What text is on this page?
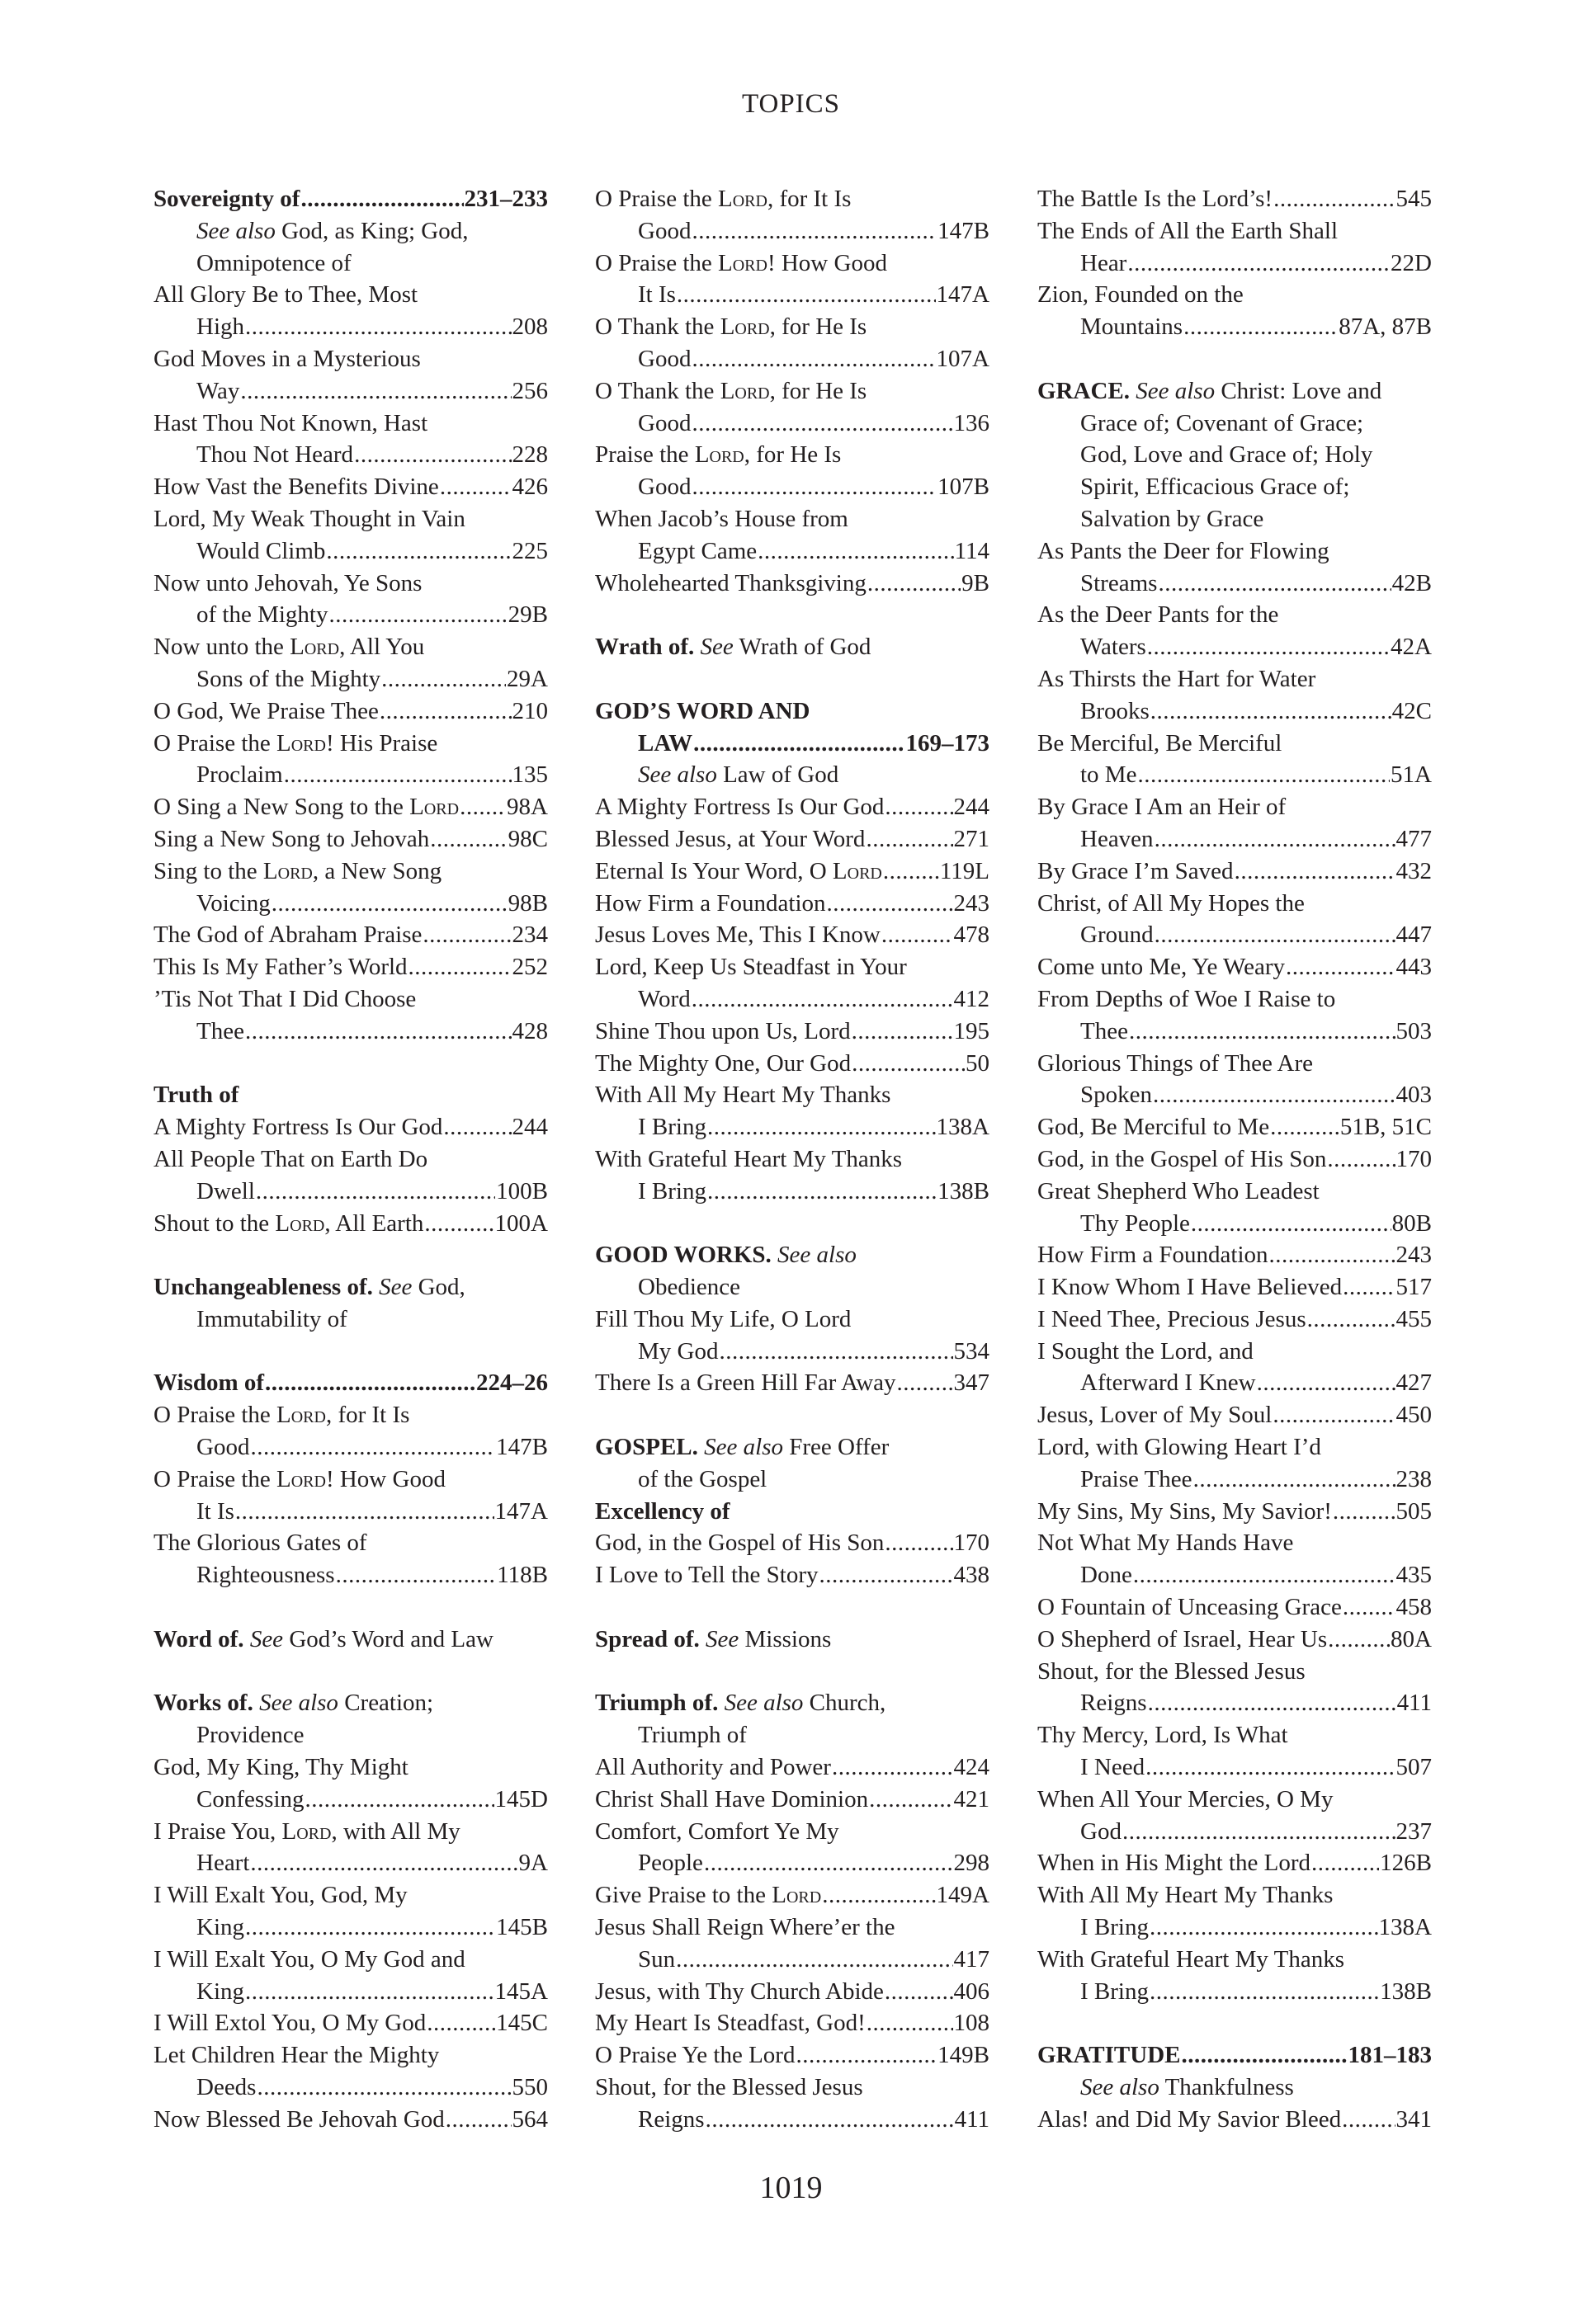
TOPICS
Sovereignty of .....	231–233
See also God, as King; God,
Omnipotence of
All Glory Be to Thee, Most
High .....	208
God Moves in a Mysterious
Way .....	256
Hast Thou Not Known, Hast
Thou Not Heard .....	228
How Vast the Benefits Divine .....	426
Lord, My Weak Thought in Vain
Would Climb .....	225
Now unto Jehovah, Ye Sons
of the Mighty .....	29B
Now unto the Lord, All You
Sons of the Mighty .....	29A
O God, We Praise Thee .....	210
O Praise the Lord! His Praise
Proclaim .....	135
O Sing a New Song to the Lord ..... 98A
Sing a New Song to Jehovah .....	98C
Sing to the Lord, a New Song
Voicing .....	98B
The God of Abraham Praise .....	234
This Is My Father’s World .....	252
’Tis Not That I Did Choose
Thee .....	428
Truth of
A Mighty Fortress Is Our God .....	244
All People That on Earth Do
Dwell .....	100B
Shout to the Lord, All Earth .....	100A
Unchangeableness of. See God,
Immutability of
Wisdom of .....	224–26
O Praise the Lord, for It Is
Good .....	147B
O Praise the Lord! How Good
It Is .....	147A
The Glorious Gates of
Righteousness .....	118B
Word of. See God’s Word and Law
Works of. See also Creation;
Providence
God, My King, Thy Might
Confessing .....	145D
I Praise You, Lord, with All My
Heart .....	9A
I Will Exalt You, God, My
King .....	145B
I Will Exalt You, O My God and
King .....	145A
I Will Extol You, O My God .....	145C
Let Children Hear the Mighty
Deeds .....	550
Now Blessed Be Jehovah God .....	564
O Praise the Lord, for It Is
Good .....	147B
O Praise the Lord! How Good
It Is .....	147A
O Thank the Lord, for He Is
Good .....	107A
O Thank the Lord, for He Is
Good .....	136
Praise the Lord, for He Is
Good .....	107B
When Jacob’s House from
Egypt Came .....	114
Wholehearted Thanksgiving .....	9B
Wrath of. See Wrath of God
GOD’S WORD AND
LAW .....	169–173
See also Law of God
A Mighty Fortress Is Our God .....	244
Blessed Jesus, at Your Word .....	271
Eternal Is Your Word, O Lord ..... 119L
How Firm a Foundation .....	243
Jesus Loves Me, This I Know .....	478
Lord, Keep Us Steadfast in Your
Word .....	412
Shine Thou upon Us, Lord .....	195
The Mighty One, Our God .....	50
With All My Heart My Thanks
I Bring .....	138A
With Grateful Heart My Thanks
I Bring .....	138B
GOOD WORKS. See also
Obedience
Fill Thou My Life, O Lord
My God .....	534
There Is a Green Hill Far Away ..... 347
GOSPEL. See also Free Offer
of the Gospel
Excellency of
God, in the Gospel of His Son .....	170
I Love to Tell the Story .....	438
Spread of. See Missions
Triumph of. See also Church,
Triumph of
All Authority and Power .....	424
Christ Shall Have Dominion .....	421
Comfort, Comfort Ye My
People .....	298
Give Praise to the Lord .....	149A
Jesus Shall Reign Where’er the
Sun .....	417
Jesus, with Thy Church Abide .....	406
My Heart Is Steadfast, God! .....	108
O Praise Ye the Lord .....	149B
Shout, for the Blessed Jesus
Reigns .....	411
The Battle Is the Lord’s! .....	545
The Ends of All the Earth Shall
Hear .....	22D
Zion, Founded on the
Mountains .....	87A, 87B
GRACE. See also Christ: Love and
Grace of; Covenant of Grace;
God, Love and Grace of; Holy
Spirit, Efficacious Grace of;
Salvation by Grace
As Pants the Deer for Flowing
Streams .....	42B
As the Deer Pants for the
Waters .....	42A
As Thirsts the Hart for Water
Brooks .....	42C
Be Merciful, Be Merciful
to Me .....	51A
By Grace I Am an Heir of
Heaven .....	477
By Grace I’m Saved .....	432
Christ, of All My Hopes the
Ground .....	447
Come unto Me, Ye Weary .....	443
From Depths of Woe I Raise to
Thee .....	503
Glorious Things of Thee Are
Spoken .....	403
God, Be Merciful to Me .....	51B, 51C
God, in the Gospel of His Son .....	170
Great Shepherd Who Leadest
Thy People .....	80B
How Firm a Foundation .....	243
I Know Whom I Have Believed ..... 517
I Need Thee, Precious Jesus .....	455
I Sought the Lord, and
Afterward I Knew .....	427
Jesus, Lover of My Soul .....	450
Lord, with Glowing Heart I’d
Praise Thee .....	238
My Sins, My Sins, My Savior! .....	505
Not What My Hands Have
Done .....	435
O Fountain of Unceasing Grace ..... 458
O Shepherd of Israel, Hear Us .....	80A
Shout, for the Blessed Jesus
Reigns .....	411
Thy Mercy, Lord, Is What
I Need .....	507
When All Your Mercies, O My
God .....	237
When in His Might the Lord .....	126B
With All My Heart My Thanks
I Bring .....	138A
With Grateful Heart My Thanks
I Bring .....	138B
GRATITUDE .....	181–183
See also Thankfulness
Alas! and Did My Savior Bleed ..... 341
1019
